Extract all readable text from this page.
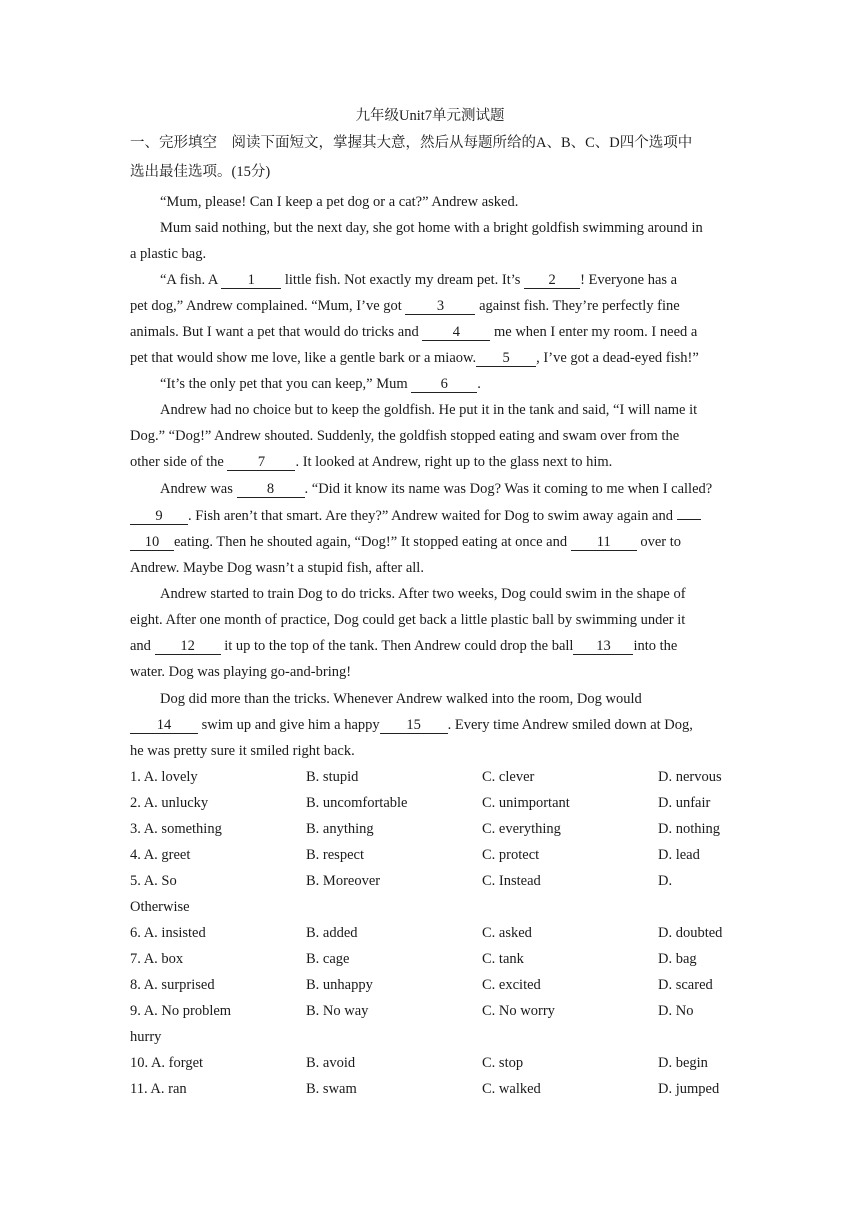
九年级Unit7单元测试题
一、完形填空　阅读下面短文，掌握其大意，然后从每题所给的A、B、C、D四个选项中
选出最佳选项。(15分)
“Mum, please! Can I keep a pet dog or a cat?” Andrew asked.
Mum said nothing, but the next day, she got home with a bright goldfish swimming around in
a plastic bag.
“A fish. A 1 little fish. Not exactly my dream pet. It’s 2 ! Everyone has a
pet dog,” Andrew complained. “Mum, I’ve got 3 against fish. They’re perfectly fine
animals. But I want a pet that would do tricks and 4 me when I enter my room. I need a
pet that would show me love, like a gentle bark or a miaow. 5 , I’ve got a dead-eyed fish!”
“It’s the only pet that you can keep,” Mum 6 .
Andrew had no choice but to keep the goldfish. He put it in the tank and said, “I will name it
Dog.” “Dog!” Andrew shouted. Suddenly, the goldfish stopped eating and swam over from the
other side of the 7 . It looked at Andrew, right up to the glass next to him.
Andrew was 8 . “Did it know its name was Dog? Was it coming to me when I called?
9 . Fish aren’t that smart. Are they?” Andrew waited for Dog to swim away again and
10 eating. Then he shouted again, “Dog!” It stopped eating at once and 11 over to
Andrew. Maybe Dog wasn’t a stupid fish, after all.
Andrew started to train Dog to do tricks. After two weeks, Dog could swim in the shape of
eight. After one month of practice, Dog could get back a little plastic ball by swimming under it
and 12 it up to the top of the tank. Then Andrew could drop the ball 13 into the
water. Dog was playing go-and-bring!
Dog did more than the tricks. Whenever Andrew walked into the room, Dog would
14 swim up and give him a happy 15 . Every time Andrew smiled down at Dog,
he was pretty sure it smiled right back.
1. A. lovely	B. stupid	C. clever	D. nervous
2. A. unlucky	B. uncomfortable	C. unimportant	D. unfair
3. A. something	B. anything	C. everything	D. nothing
4. A. greet	B. respect	C. protect	D. lead
5. A. So	B. Moreover	C. Instead	D.
Otherwise
6. A. insisted	B. added	C. asked	D. doubted
7. A. box	B. cage	C. tank	D. bag
8. A. surprised	B. unhappy	C. excited	D. scared
9. A. No problem	B. No way	C. No worry	D. No
hurry
10. A. forget	B. avoid	C. stop	D. begin
11. A. ran	B. swam	C. walked	D. jumped
